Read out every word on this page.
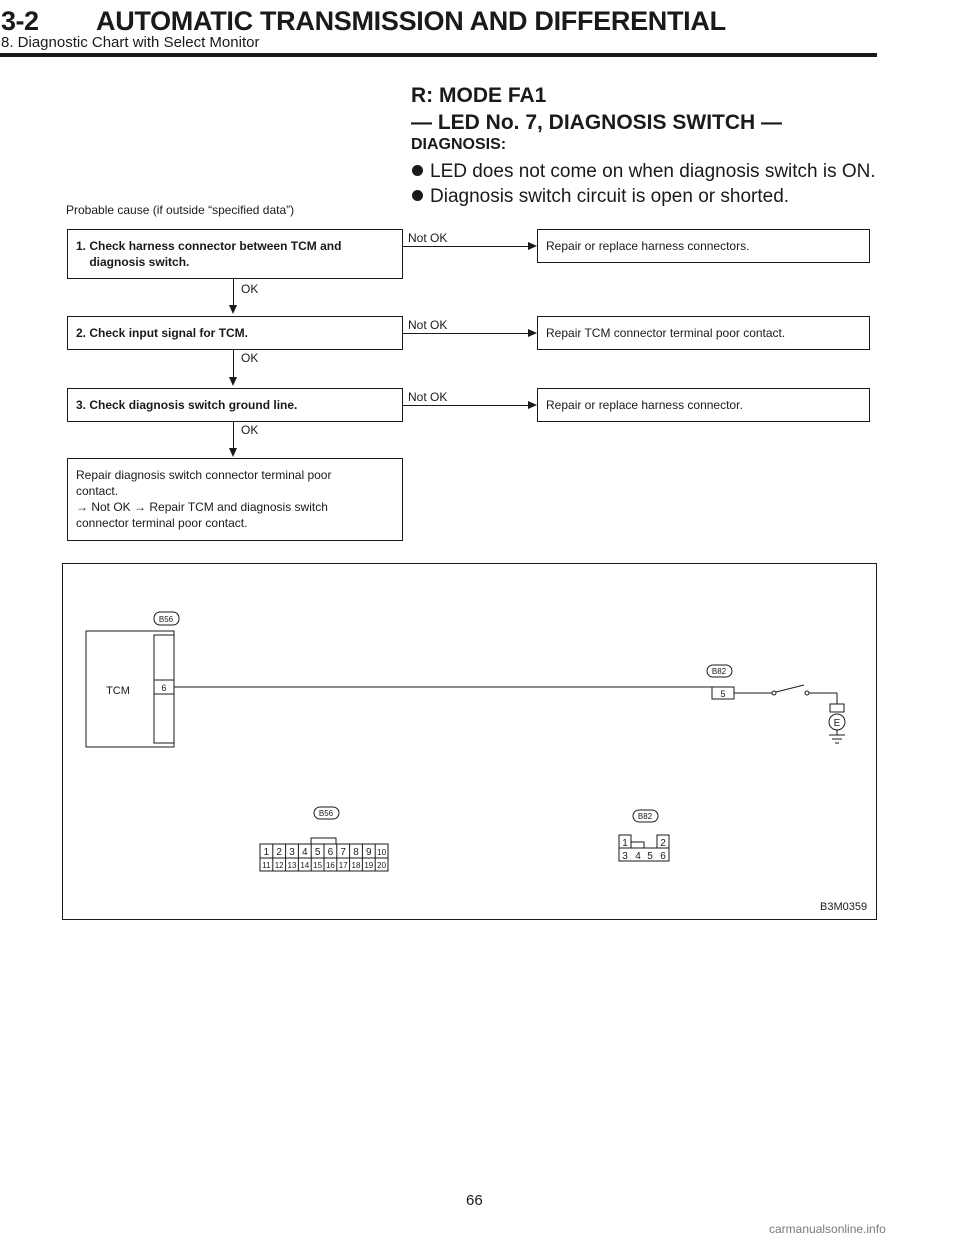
3-2 AUTOMATIC TRANSMISSION AND DIFFERENTIAL
8. Diagnostic Chart with Select Monitor
R: MODE FA1
— LED No. 7, DIAGNOSIS SWITCH —
DIAGNOSIS:
LED does not come on when diagnosis switch is ON.
Diagnosis switch circuit is open or shorted.
Probable cause (if outside “specified data”)
1. Check harness connector between TCM and
diagnosis switch.
Not OK
Repair or replace harness connectors.
OK
2. Check input signal for TCM.
Not OK
Repair TCM connector terminal poor contact.
OK
3. Check diagnosis switch ground line.
Not OK
Repair or replace harness connector.
OK
Repair diagnosis switch connector terminal poor
contact.
→ Not OK → Repair TCM and diagnosis switch
connector terminal poor contact.
TCM	6
B56
B82
5
E
B56	B82
1 2 3 4 5 6 7 8 9 10
11 12 13 14 15 16 17 18 19 20
1	2
3 4 5 6
B3M0359
66
carmanualsonline.info
